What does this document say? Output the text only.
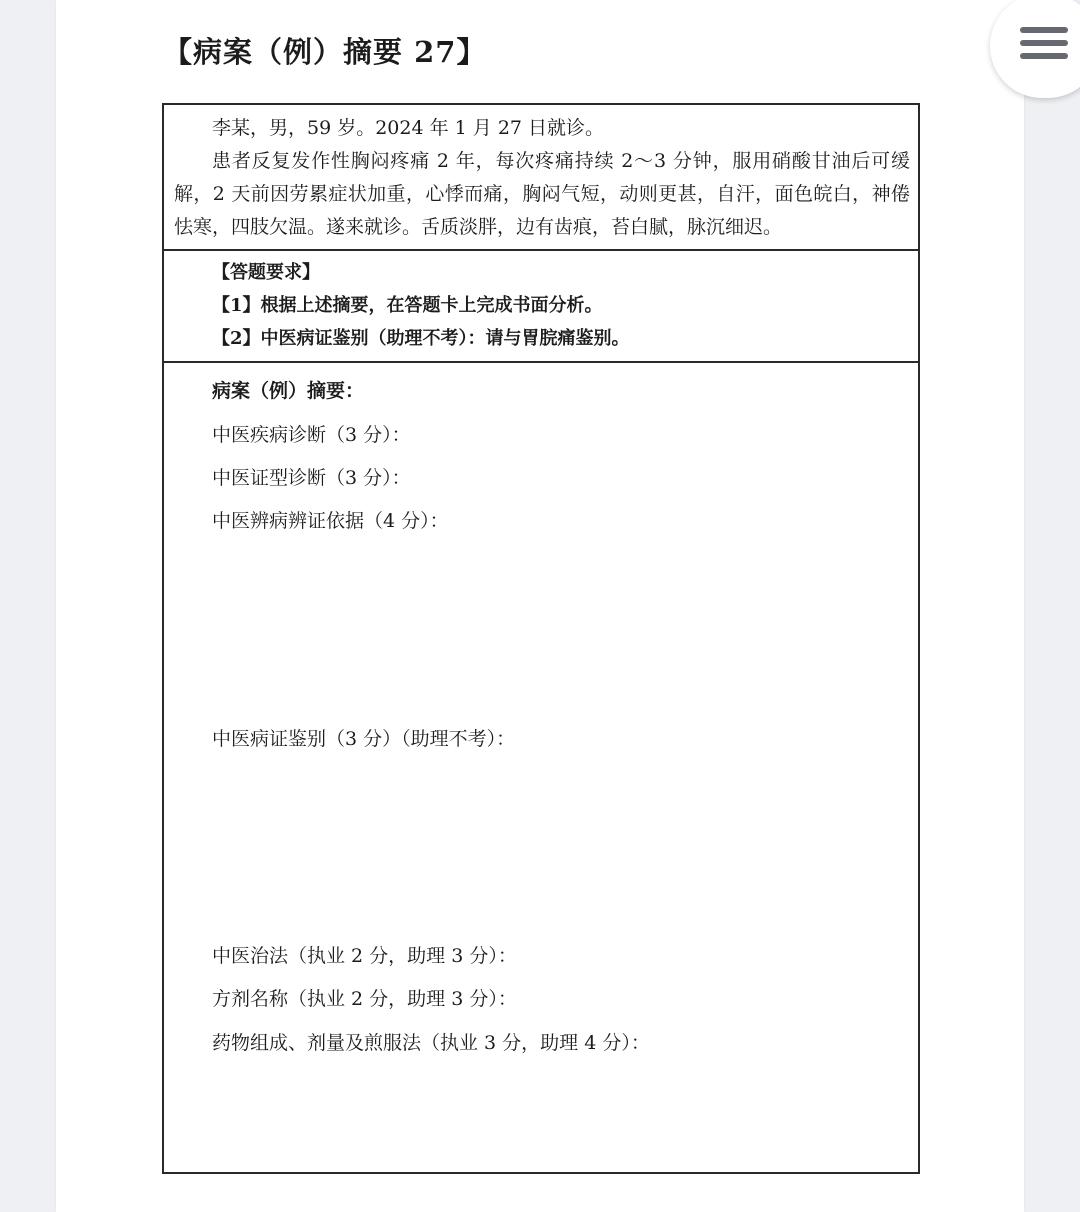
【病案（例）摘要 27】
李某，男，59 岁。2024 年 1 月 27 日就诊。
患者反复发作性胸闷疼痛 2 年，每次疼痛持续 2～3 分钟，服用硝酸甘油后可缓解，2 天前因劳累症状加重，心悸而痛，胸闷气短，动则更甚，自汗，面色皖白，神倦怯寒，四肢欠温。遂来就诊。舌质淡胖，边有齿痕，苔白腻，脉沉细迟。
【答题要求】
【1】根据上述摘要，在答题卡上完成书面分析。
【2】中医病证鉴别（助理不考）：请与胃脘痛鉴别。
病案（例）摘要：
中医疾病诊断（3 分）：
中医证型诊断（3 分）：
中医辨病辨证依据（4 分）：
中医病证鉴别（3 分）（助理不考）：
中医治法（执业 2 分，助理 3 分）：
方剂名称（执业 2 分，助理 3 分）：
药物组成、剂量及煎服法（执业 3 分，助理 4 分）：
